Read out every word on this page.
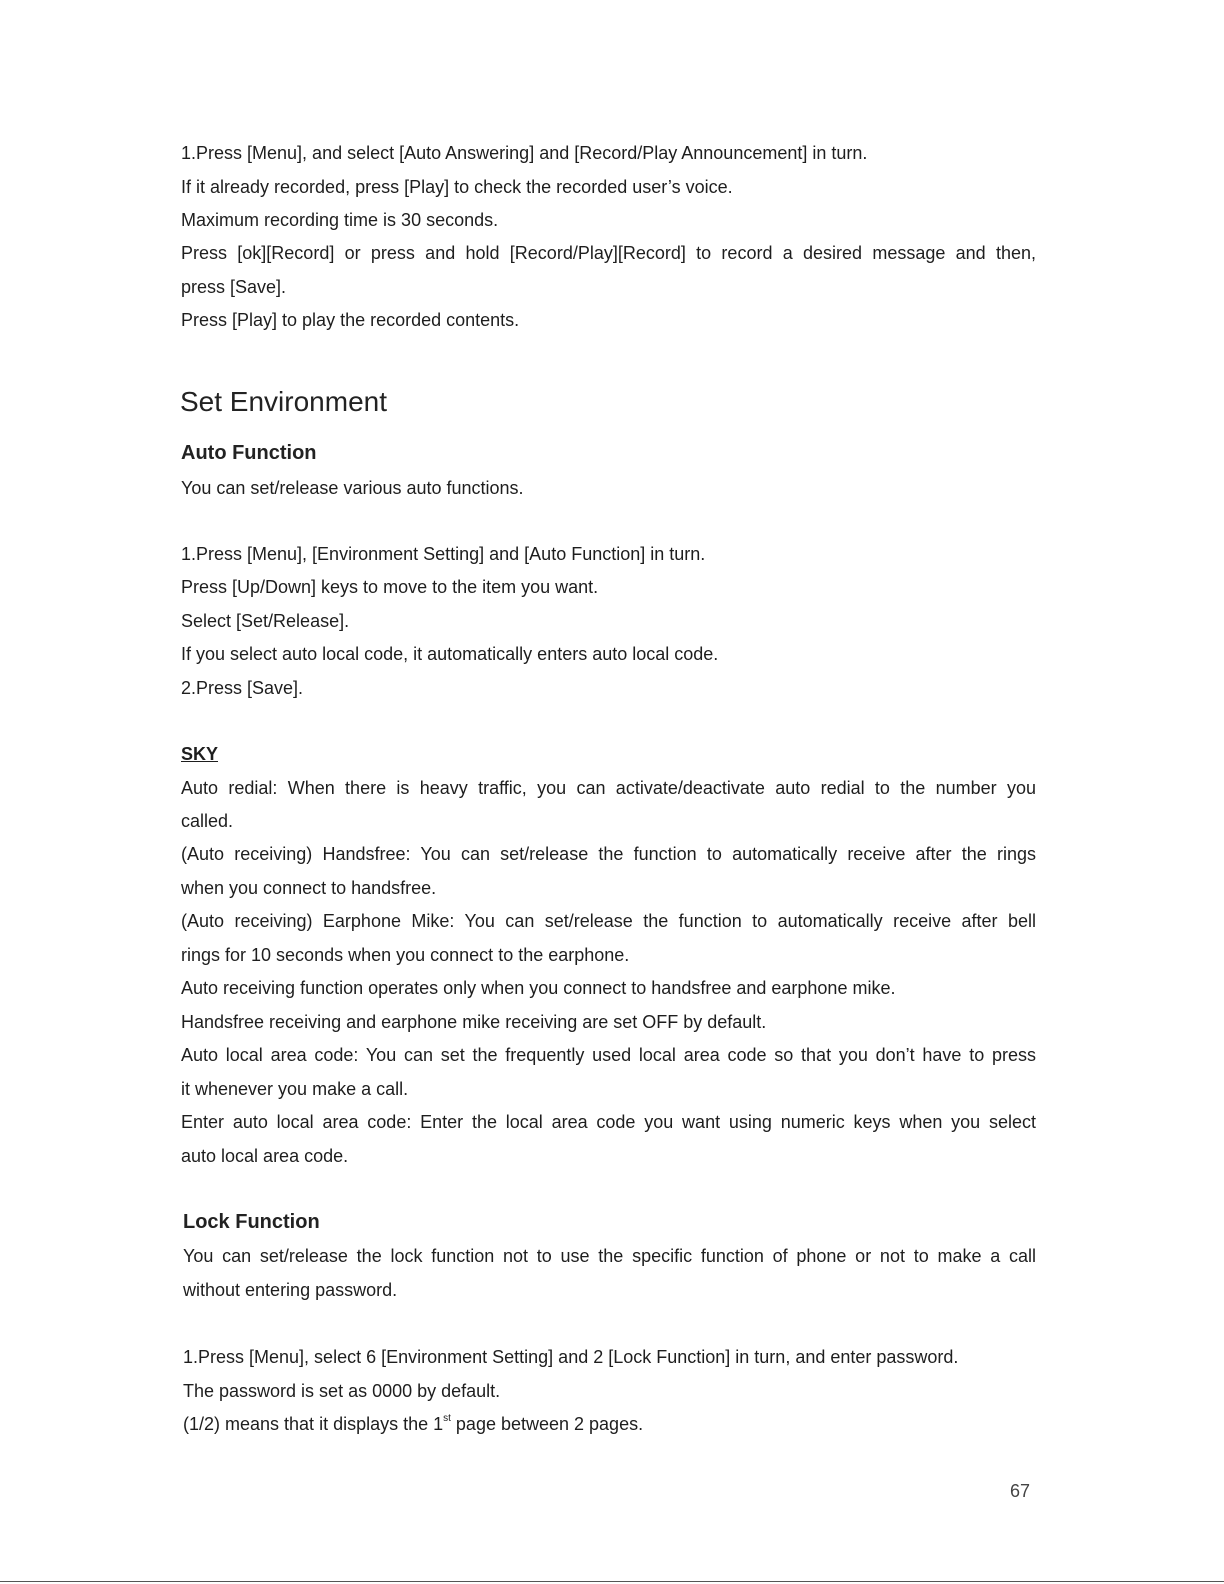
1.Press [Menu], and select [Auto Answering] and [Record/Play Announcement] in turn.
If it already recorded, press [Play] to check the recorded user’s voice.
Maximum recording time is 30 seconds.
Press [ok][Record] or press and hold [Record/Play][Record] to record a desired message and then,
press [Save].
Press [Play] to play the recorded contents.
Set Environment
Auto Function
You can set/release various auto functions.
1.Press [Menu], [Environment Setting] and [Auto Function] in turn.
Press [Up/Down] keys to move to the item you want.
Select [Set/Release].
If you select auto local code, it automatically enters auto local code.
2.Press [Save].
SKY
Auto redial: When there is heavy traffic, you can activate/deactivate auto redial to the number you
called.
(Auto receiving) Handsfree: You can set/release the function to automatically receive after the rings
when you connect to handsfree.
(Auto receiving) Earphone Mike: You can set/release the function to automatically receive after bell
rings for 10 seconds when you connect to the earphone.
Auto receiving function operates only when you connect to handsfree and earphone mike.
Handsfree receiving and earphone mike receiving are set OFF by default.
Auto local area code: You can set the frequently used local area code so that you don’t have to press
it whenever you make a call.
Enter auto local area code: Enter the local area code you want using numeric keys when you select
auto local area code.
Lock Function
You can set/release the lock function not to use the specific function of phone or not to make a call
without entering password.
1.Press [Menu], select 6 [Environment Setting] and 2 [Lock Function] in turn, and enter password.
The password is set as 0000 by default.
(1/2) means that it displays the 1st page between 2 pages.
67
